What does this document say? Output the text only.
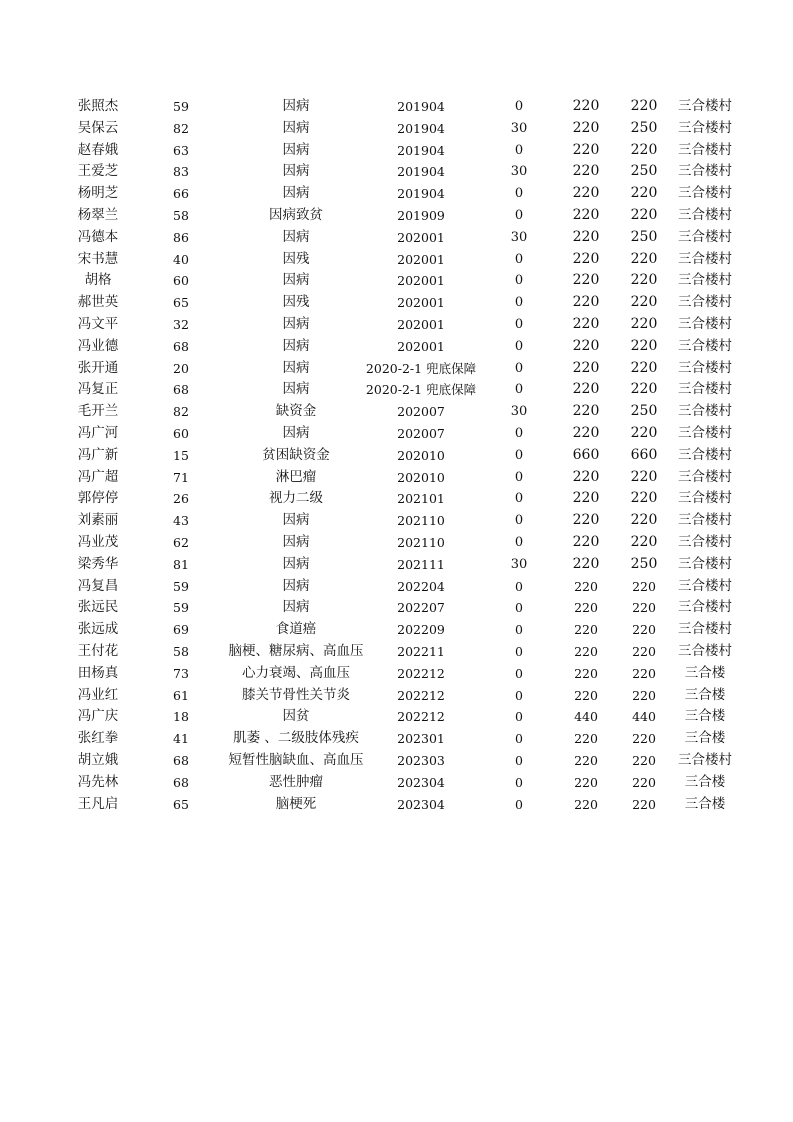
张照杰	59	因病	201904	0	220 220 三合楼村
吴保云	82	因病	201904	30	220 250 三合楼村
赵春娥	63	因病	201904	0	220 220 三合楼村
王爱芝	83	因病	201904	30	220 250 三合楼村
杨明芝	66	因病	201904	0	220 220 三合楼村
杨翠兰	58	因病致贫	201909	0	220 220 三合楼村
冯德本	86	因病	202001	30	220 250 三合楼村
宋书慧	40	因残	202001	0	220 220 三合楼村
胡格	60	因病	202001	0	220 220 三合楼村
郝世英	65	因残	202001	0	220 220 三合楼村
冯文平	32	因病	202001	0	220 220 三合楼村
冯业德	68	因病	202001	0	220 220 三合楼村
张开通	20	因病	2020-2-1 兜底保障	0	220 220 三合楼村
冯复正	68	因病	2020-2-1 兜底保障	0	220 220 三合楼村
毛开兰	82	缺资金	202007	30	220 250 三合楼村
冯广河	60	因病	202007	0	220 220 三合楼村
冯广新	15	贫困缺资金	202010	0	660 660 三合楼村
冯广超	71	淋巴瘤	202010	0	220 220 三合楼村
郭停停	26	视力二级	202101	0	220 220 三合楼村
刘素丽	43	因病	202110	0	220 220 三合楼村
冯业茂	62	因病	202110	0	220 220 三合楼村
梁秀华	81	因病	202111	30	220 250 三合楼村
冯复昌	59	因病	202204	0	220	220 三合楼村
张远民	59	因病	202207	0	220	220 三合楼村
张远成	69	食道癌	202209	0	220	220 三合楼村
王付花	58	脑梗、糖尿病、高血压	202211	0	220	220 三合楼村
田杨真	73	心力衰竭、高血压	202212	0	220	220 三合楼
冯业红	61	膝关节骨性关节炎	202212	0	220	220 三合楼
冯广庆	18	因贫	202212	0	440	440 三合楼
张红拳	41	肌萎 、二级肢体残疾	202301	0	220	220 三合楼
胡立娥	68	短暂性脑缺血、高血压	202303	0	220	220 三合楼村
冯先林	68	恶性肿瘤	202304	0	220	220 三合楼
王凡启	65	脑梗死	202304	0	220	220 三合楼
